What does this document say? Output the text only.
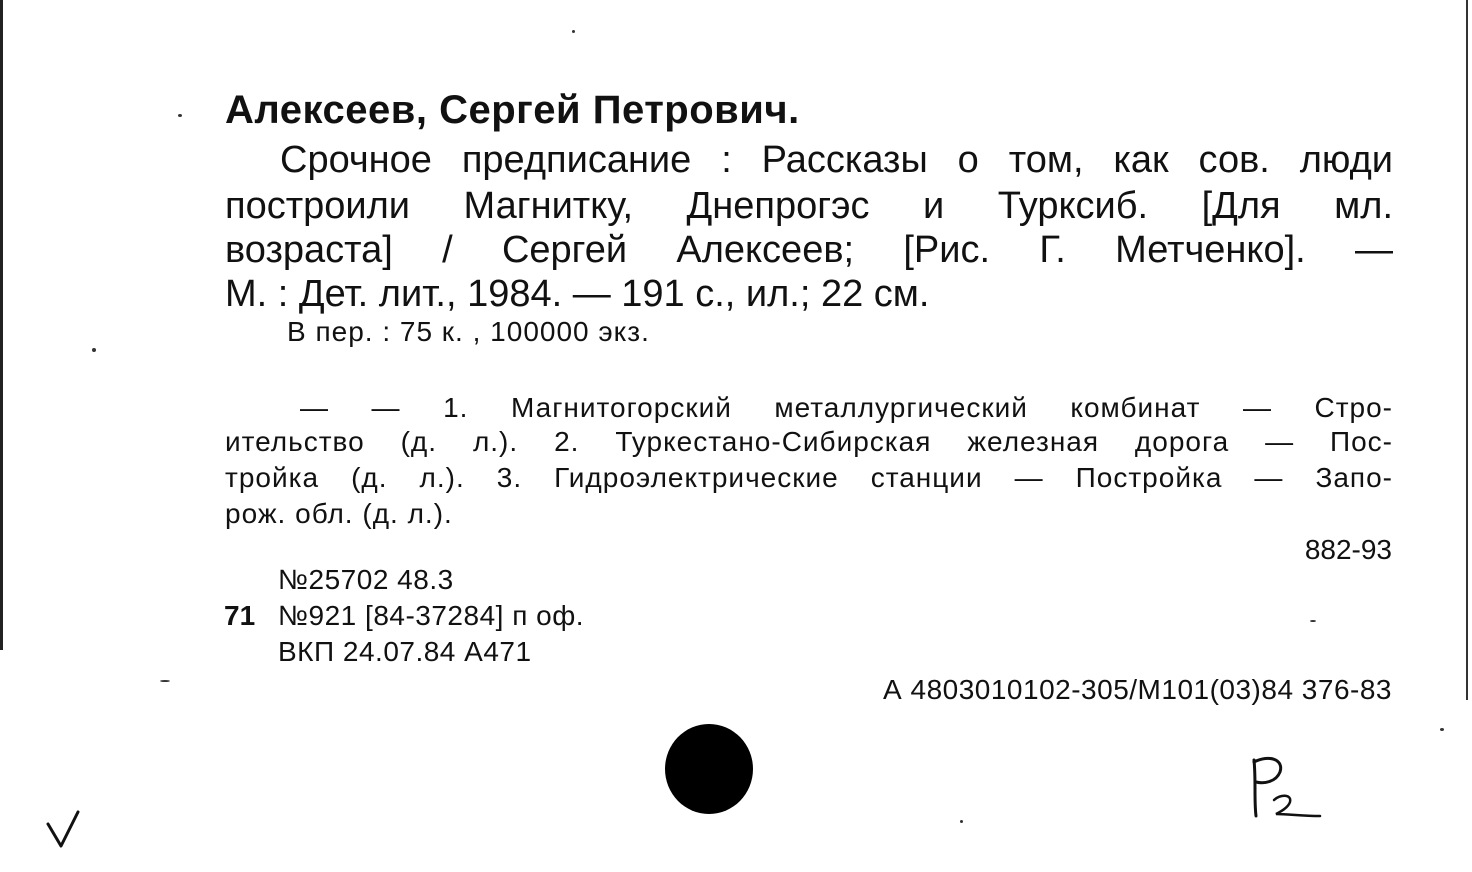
Алексеев, Сергей Петрович.
Срочное предписание : Рассказы о том, как сов. люди
построили Магнитку, Днепрогэс и Турксиб. [Для мл.
возраста] / Сергей Алексеев; [Рис. Г. Метченко]. —
М. : Дет. лит., 1984. — 191 с., ил.; 22 см.
В пер. : 75 к. , 100000 экз.
— — 1. Магнитогорский металлургический комбинат — Стро-
ительство (д. л.). 2. Туркестано-Сибирская железная дорога — Пос-
тройка (д. л.). 3. Гидроэлектрические станции — Постройка — Запо-
рож. обл. (д. л.).
882-93
№25702 48.3
71 №921 [84-37284] п оф.
ВКП 24.07.84 А471
А 4803010102-305/М101(03)84 376-83
